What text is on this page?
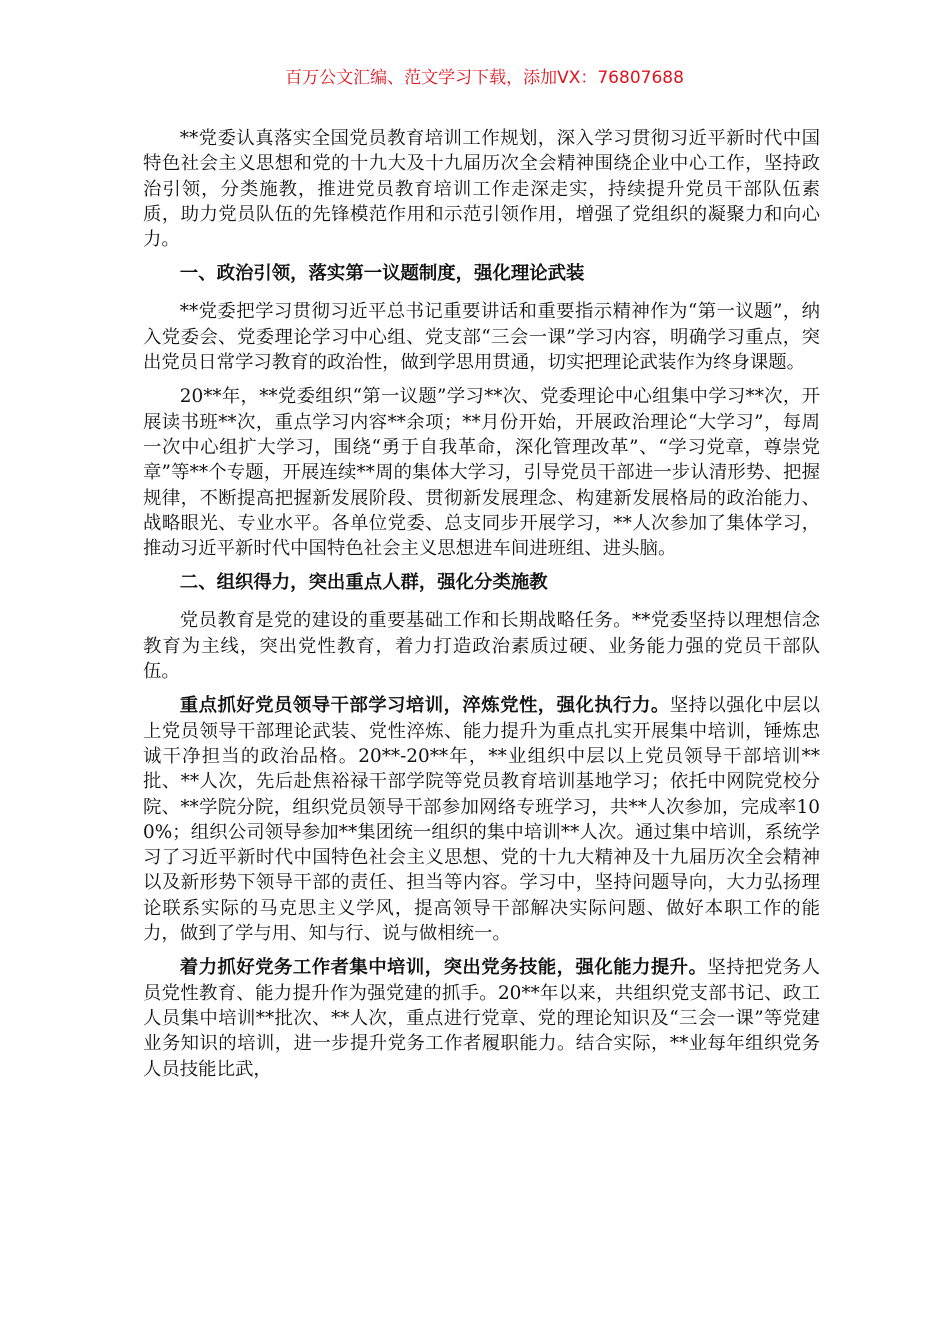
百万公文汇编、范文学习下载，添加VX：76807688

**党委认真落实全国党员教育培训工作规划，深入学习贯彻习近平新时代中国特色社会主义思想和党的十九大及十九届历次全会精神围绕企业中心工作，坚持政治引领，分类施教，推进党员教育培训工作走深走实，持续提升党员干部队伍素质，助力党员队伍的先锋模范作用和示范引领作用，增强了党组织的凝聚力和向心力。

一、政治引领，落实第一议题制度，强化理论武装

**党委把学习贯彻习近平总书记重要讲话和重要指示精神作为“第一议题”，纳入党委会、党委理论学习中心组、党支部“三会一课”学习内容，明确学习重点，突出党员日常学习教育的政治性，做到学思用贯通，切实把理论武装作为终身课题。

20**年，**党委组织“第一议题”学习**次、党委理论中心组集中学习**次，开展读书班**次，重点学习内容**余项；**月份开始，开展政治理论“大学习”，每周一次中心组扩大学习，围绕“勇于自我革命，深化管理改革”、“学习党章，尊崇党章”等**个专题，开展连续**周的集体大学习，引导党员干部进一步认清形势、把握规律，不断提高把握新发展阶段、贯彻新发展理念、构建新发展格局的政治能力、战略眼光、专业水平。各单位党委、总支同步开展学习，**人次参加了集体学习，推动习近平新时代中国特色社会主义思想进车间进班组、进头脑。

二、组织得力，突出重点人群，强化分类施教

党员教育是党的建设的重要基础工作和长期战略任务。**党委坚持以理想信念教育为主线，突出党性教育，着力打造政治素质过硬、业务能力强的党员干部队伍。

重点抓好党员领导干部学习培训，淬炼党性，强化执行力。坚持以强化中层以上党员领导干部理论武装、党性淬炼、能力提升为重点扎实开展集中培训，锤炼忠诚干净担当的政治品格。20**-20**年，**业组织中层以上党员领导干部培训**批、**人次，先后赴焦裕禄干部学院等党员教育培训基地学习；依托中网院党校分院、**学院分院，组织党员领导干部参加网络专班学习，共**人次参加，完成率100%；组织公司领导参加**集团统一组织的集中培训**人次。通过集中培训，系统学习了习近平新时代中国特色社会主义思想、党的十九大精神及十九届历次全会精神以及新形势下领导干部的责任、担当等内容。学习中，坚持问题导向，大力弘扬理论联系实际的马克思主义学风，提高领导干部解决实际问题、做好本职工作的能力，做到了学与用、知与行、说与做相统一。

着力抓好党务工作者集中培训，突出党务技能，强化能力提升。坚持把党务人员党性教育、能力提升作为强党建的抓手。20**年以来，共组织党支部书记、政工人员集中培训**批次、**人次，重点进行党章、党的理论知识及“三会一课”等党建业务知识的培训，进一步提升党务工作者履职能力。结合实际，**业每年组织党务人员技能比武，
